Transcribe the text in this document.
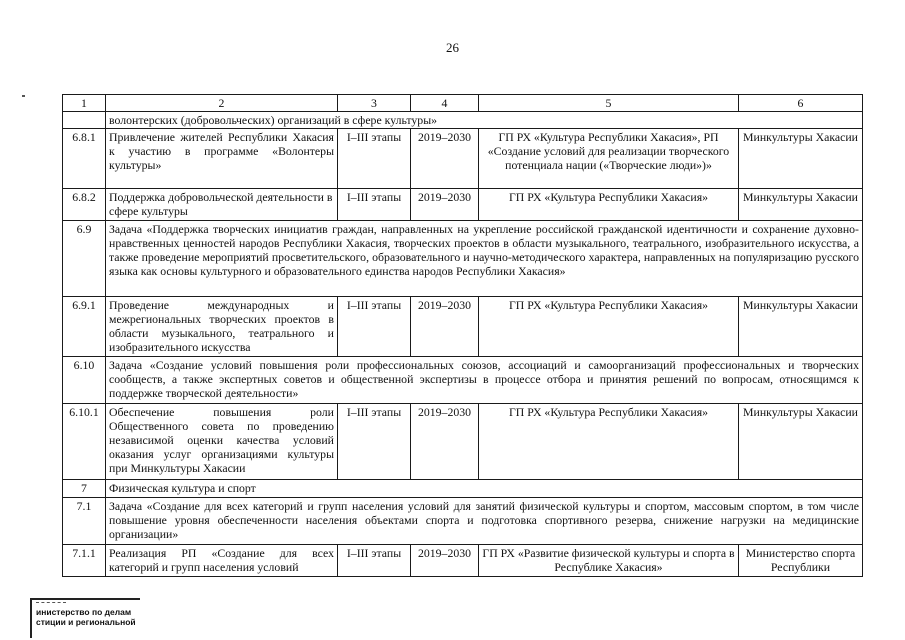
26
1	2	3	4	5	6
	волонтерских (добровольческих) организаций в сфере культуры»				
6.8.1	Привлечение жителей Республики Хакасия к участию в программе «Волонтеры культуры»	I–III этапы	2019–2030	ГП РХ «Культура Республики Хакасия», РП «Создание условий для реализации творческого потенциала нации («Творческие люди»)»	Минкультуры Хакасии
6.8.2	Поддержка добровольческой деятельности в сфере культуры	I–III этапы	2019–2030	ГП РХ «Культура Республики Хакасия»	Минкультуры Хакасии
6.9	Задача «Поддержка творческих инициатив граждан, направленных на укрепление российской гражданской идентичности и сохранение духовно-нравственных ценностей народов Республики Хакасия, творческих проектов в области музыкального, театрального, изобразительного искусства, а также проведение мероприятий просветительского, образовательного и научно-методического характера, направленных на популяризацию русского языка как основы культурного и образовательного единства народов Республики Хакасия»				
6.9.1	Проведение международных и межрегиональных творческих проектов в области музыкального, театрального и изобразительного искусства	I–III этапы	2019–2030	ГП РХ «Культура Республики Хакасия»	Минкультуры Хакасии
6.10	Задача «Создание условий повышения роли профессиональных союзов, ассоциаций и самоорганизаций профессиональных и творческих сообществ, а также экспертных советов и общественной экспертизы в процессе отбора и принятия решений по вопросам, относящимся к поддержке творческой деятельности»				
6.10.1	Обеспечение повышения роли Общественного совета по проведению независимой оценки качества условий оказания услуг организациями культуры при Минкультуры Хакасии	I–III этапы	2019–2030	ГП РХ «Культура Республики Хакасия»	Минкультуры Хакасии
7	Физическая культура и спорт				
7.1	Задача «Создание для всех категорий и групп населения условий для занятий физической культуры и спортом, массовым спортом, в том числе повышение уровня обеспеченности населения объектами спорта и подготовка спортивного резерва, снижение нагрузки на медицинские организации»				
7.1.1	Реализация РП «Создание для всех категорий и групп населения условий	I–III этапы	2019–2030	ГП РХ «Развитие физической культуры и спорта в Республике Хакасия»	Министерство спорта Республики
инистерство по делам
стиции и региональной
